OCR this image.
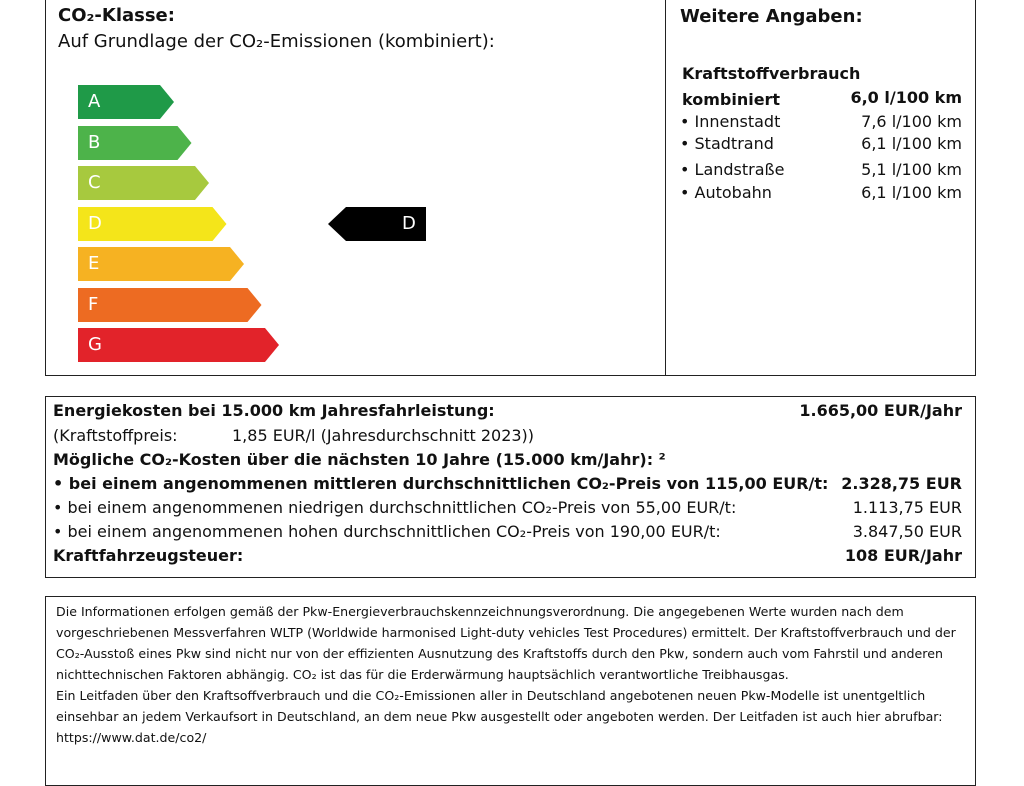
CO₂-Klasse:
Auf Grundlage der CO₂-Emissionen (kombiniert):
A
B
C
D
E
F
G
D
Weitere Angaben:
Kraftstoffverbrauch
kombiniert	6,0 l/100 km
• Innenstadt	7,6 l/100 km
• Stadtrand	6,1 l/100 km
• Landstraße	5,1 l/100 km
• Autobahn	6,1 l/100 km
Energiekosten bei 15.000 km Jahresfahrleistung:	1.665,00 EUR/Jahr
(Kraftstoffpreis:	1,85 EUR/l (Jahresdurchschnitt 2023))
Mögliche CO₂-Kosten über die nächsten 10 Jahre (15.000 km/Jahr): ²
• bei einem angenommenen mittleren durchschnittlichen CO₂-Preis von 115,00 EUR/t: 2.328,75 EUR
• bei einem angenommenen niedrigen durchschnittlichen CO₂-Preis von 55,00 EUR/t:	1.113,75 EUR
• bei einem angenommenen hohen durchschnittlichen CO₂-Preis von 190,00 EUR/t:	3.847,50 EUR
Kraftfahrzeugsteuer:	108 EUR/Jahr

Die Informationen erfolgen gemäß der Pkw-Energieverbrauchskennzeichnungsverordnung. Die angegebenen Werte wurden nach dem vorgeschriebenen Messverfahren WLTP (Worldwide harmonised Light-duty vehicles Test Procedures) ermittelt. Der Kraftstoffverbrauch und der CO₂-Ausstoß eines Pkw sind nicht nur von der effizienten Ausnutzung des Kraftstoffs durch den Pkw, sondern auch vom Fahrstil und anderen nichttechnischen Faktoren abhängig. CO₂ ist das für die Erderwärmung hauptsächlich verantwortliche Treibhausgas.

Ein Leitfaden über den Kraftsoffverbrauch und die CO₂-Emissionen aller in Deutschland angebotenen neuen Pkw-Modelle ist unentgeltlich einsehbar an jedem Verkaufsort in Deutschland, an dem neue Pkw ausgestellt oder angeboten werden. Der Leitfaden ist auch hier abrufbar: https://www.dat.de/co2/
